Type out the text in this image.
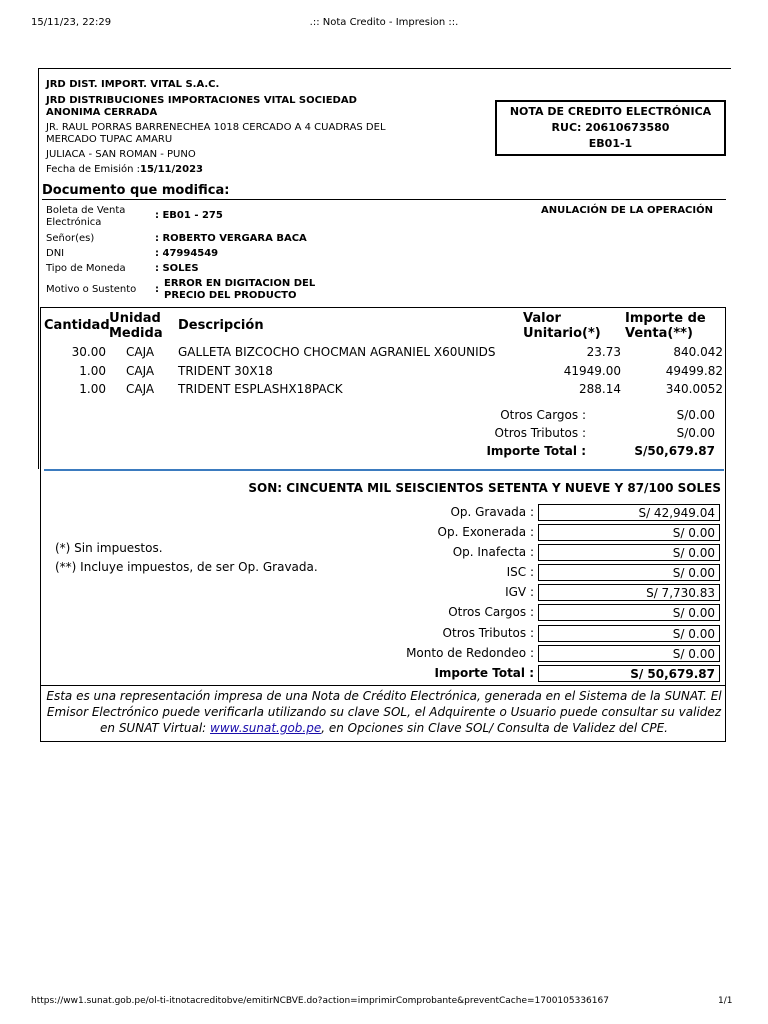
15/11/23, 22:29	.:: Nota Credito - Impresion ::.
https://ww1.sunat.gob.pe/ol-ti-itnotacreditobve/emitirNCBVE.do?action=imprimirComprobante&preventCache=1700105336167	1/1
JRD DIST. IMPORT. VITAL S.A.C.
JRD DISTRIBUCIONES IMPORTACIONES VITAL SOCIEDAD
ANONIMA CERRADA
JR. RAUL PORRAS BARRENECHEA 1018 CERCADO A 4 CUADRAS DEL
MERCADO TUPAC AMARU
JULIACA - SAN ROMAN - PUNO
Fecha de Emisión :15/11/2023
NOTA DE CREDITO ELECTRÓNICA
RUC: 20610673580
EB01-1
Documento que modifica:
Boleta de Venta
Electrónica
: EB01 - 275	ANULACIÓN DE LA OPERACIÓN
Señor(es)	: ROBERTO VERGARA BACA
DNI	: 47994549
Tipo de Moneda	: SOLES
Motivo o Sustento :
ERROR EN DIGITACION DEL
PRECIO DEL PRODUCTO
Cantidad Unidad
Medida
Descripción	Valor
Unitario(*)
Importe de
Venta(**)
30.00 CAJA GALLETA BIZCOCHO CHOCMAN AGRANIEL X60UNIDS	23.73	840.042
1.00 CAJA TRIDENT 30X18	41949.00	49499.82
1.00 CAJA TRIDENT ESPLASHX18PACK	288.14	340.0052
Otros Cargos :	S/0.00
Otros Tributos :	S/0.00
Importe Total :	S/50,679.87
SON: CINCUENTA MIL SEISCIENTOS SETENTA Y NUEVE Y 87/100 SOLES
(*) Sin impuestos.
(**) Incluye impuestos, de ser Op. Gravada.
Op. Gravada :	S/ 42,949.04
Op. Exonerada :	S/ 0.00
Op. Inafecta :	S/ 0.00
ISC :	S/ 0.00
IGV :	S/ 7,730.83
Otros Cargos :	S/ 0.00
Otros Tributos :	S/ 0.00
Monto de Redondeo :	S/ 0.00
Importe Total :	S/ 50,679.87
Esta es una representación impresa de una Nota de Crédito Electrónica, generada en el Sistema de la SUNAT. El
Emisor Electrónico puede verificarla utilizando su clave SOL, el Adquirente o Usuario puede consultar su validez
en SUNAT Virtual: www.sunat.gob.pe, en Opciones sin Clave SOL/ Consulta de Validez del CPE.
